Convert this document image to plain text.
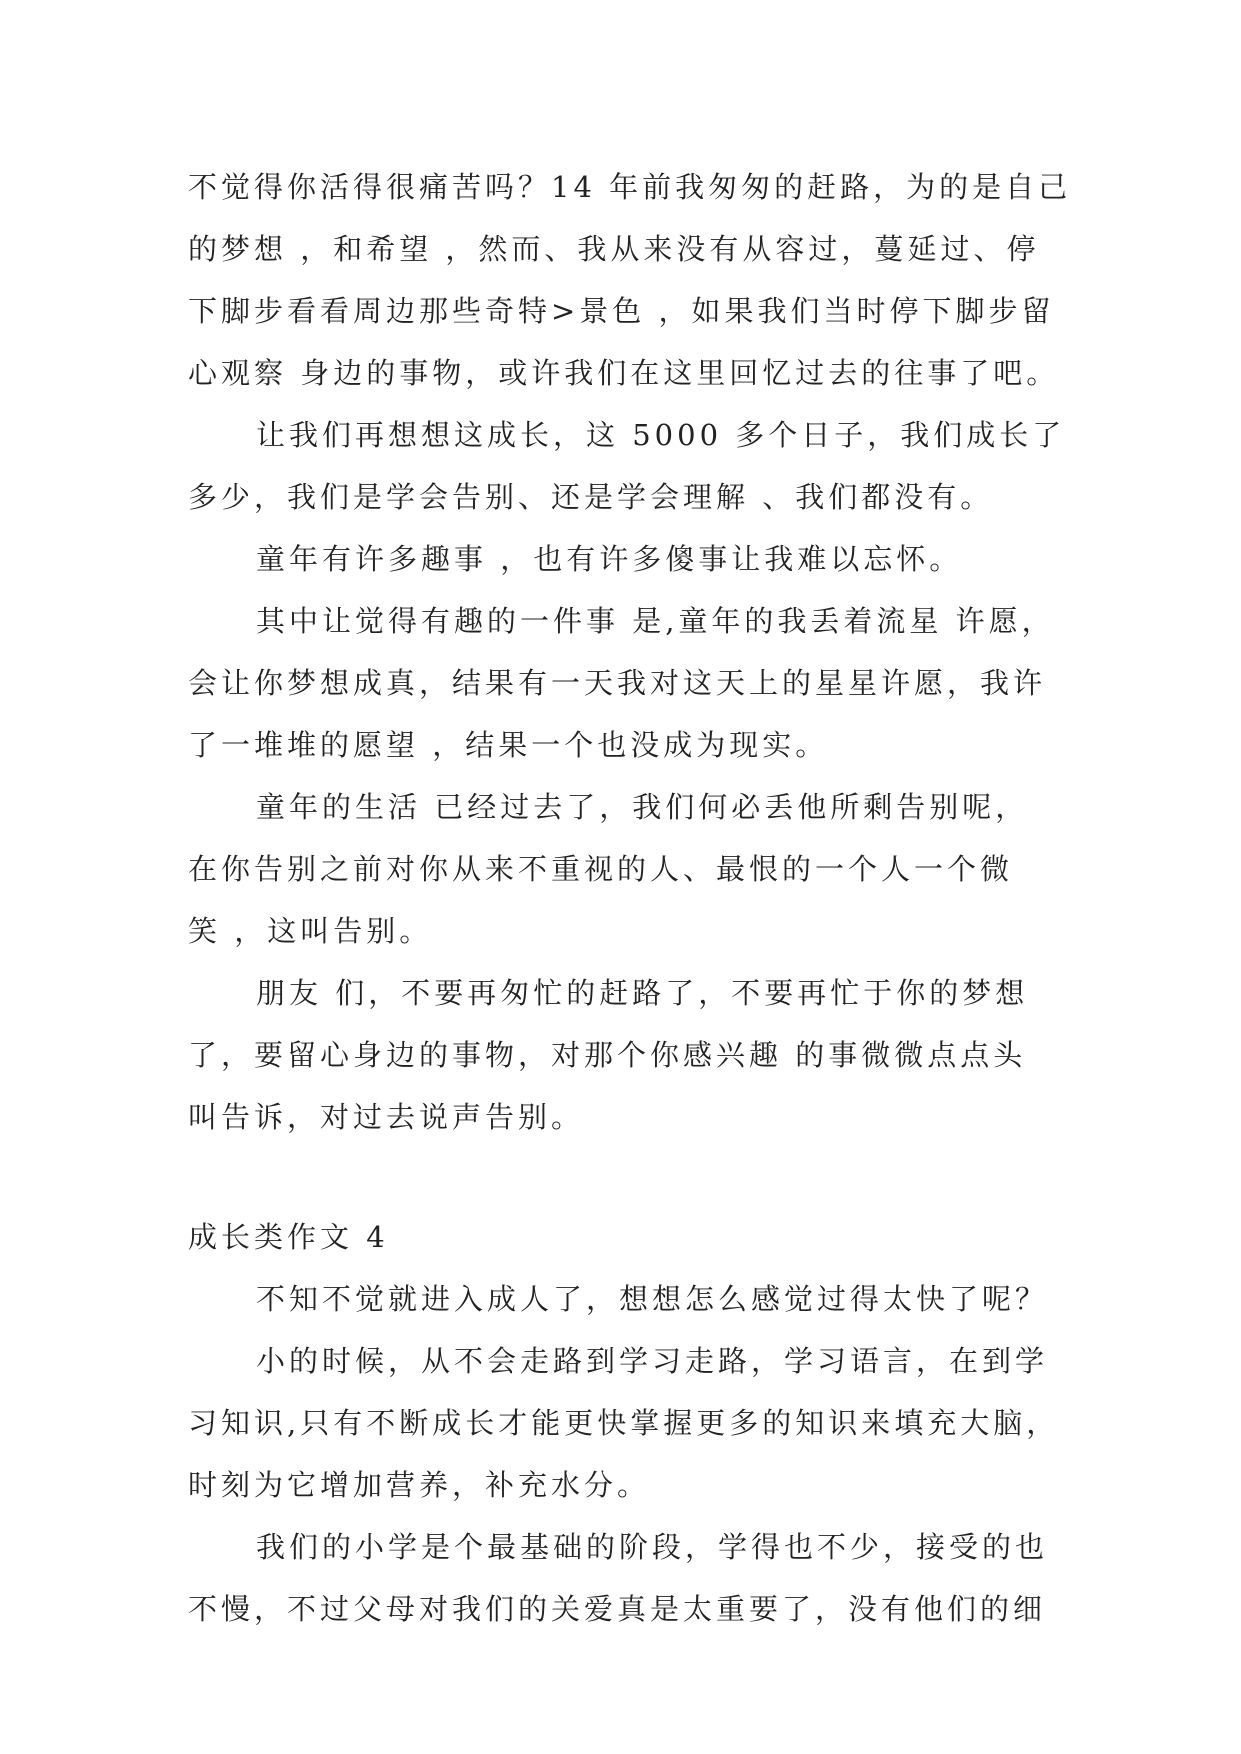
不觉得你活得很痛苦吗？14 年前我匆匆的赶路，为的是自己
的梦想 ，和希望 ，然而、我从来没有从容过，蔓延过、停
下脚步看看周边那些奇特>景色 ，如果我们当时停下脚步留
心观察 身边的事物，或许我们在这里回忆过去的往事了吧。
让我们再想想这成长，这 5000 多个日子，我们成长了
多少，我们是学会告别、还是学会理解 、我们都没有。
童年有许多趣事 ，也有许多傻事让我难以忘怀。
其中让觉得有趣的一件事 是,童年的我丢着流星 许愿，
会让你梦想成真，结果有一天我对这天上的星星许愿，我许
了一堆堆的愿望 ，结果一个也没成为现实。
童年的生活 已经过去了，我们何必丢他所剩告别呢，
在你告别之前对你从来不重视的人、最恨的一个人一个微
笑 ，这叫告别。
朋友 们，不要再匆忙的赶路了，不要再忙于你的梦想
了，要留心身边的事物，对那个你感兴趣 的事微微点点头
叫告诉，对过去说声告别。
成长类作文 4
不知不觉就进入成人了，想想怎么感觉过得太快了呢？
小的时候，从不会走路到学习走路，学习语言，在到学
习知识,只有不断成长才能更快掌握更多的知识来填充大脑，
时刻为它增加营养，补充水分。
我们的小学是个最基础的阶段，学得也不少，接受的也
不慢，不过父母对我们的关爱真是太重要了，没有他们的细
